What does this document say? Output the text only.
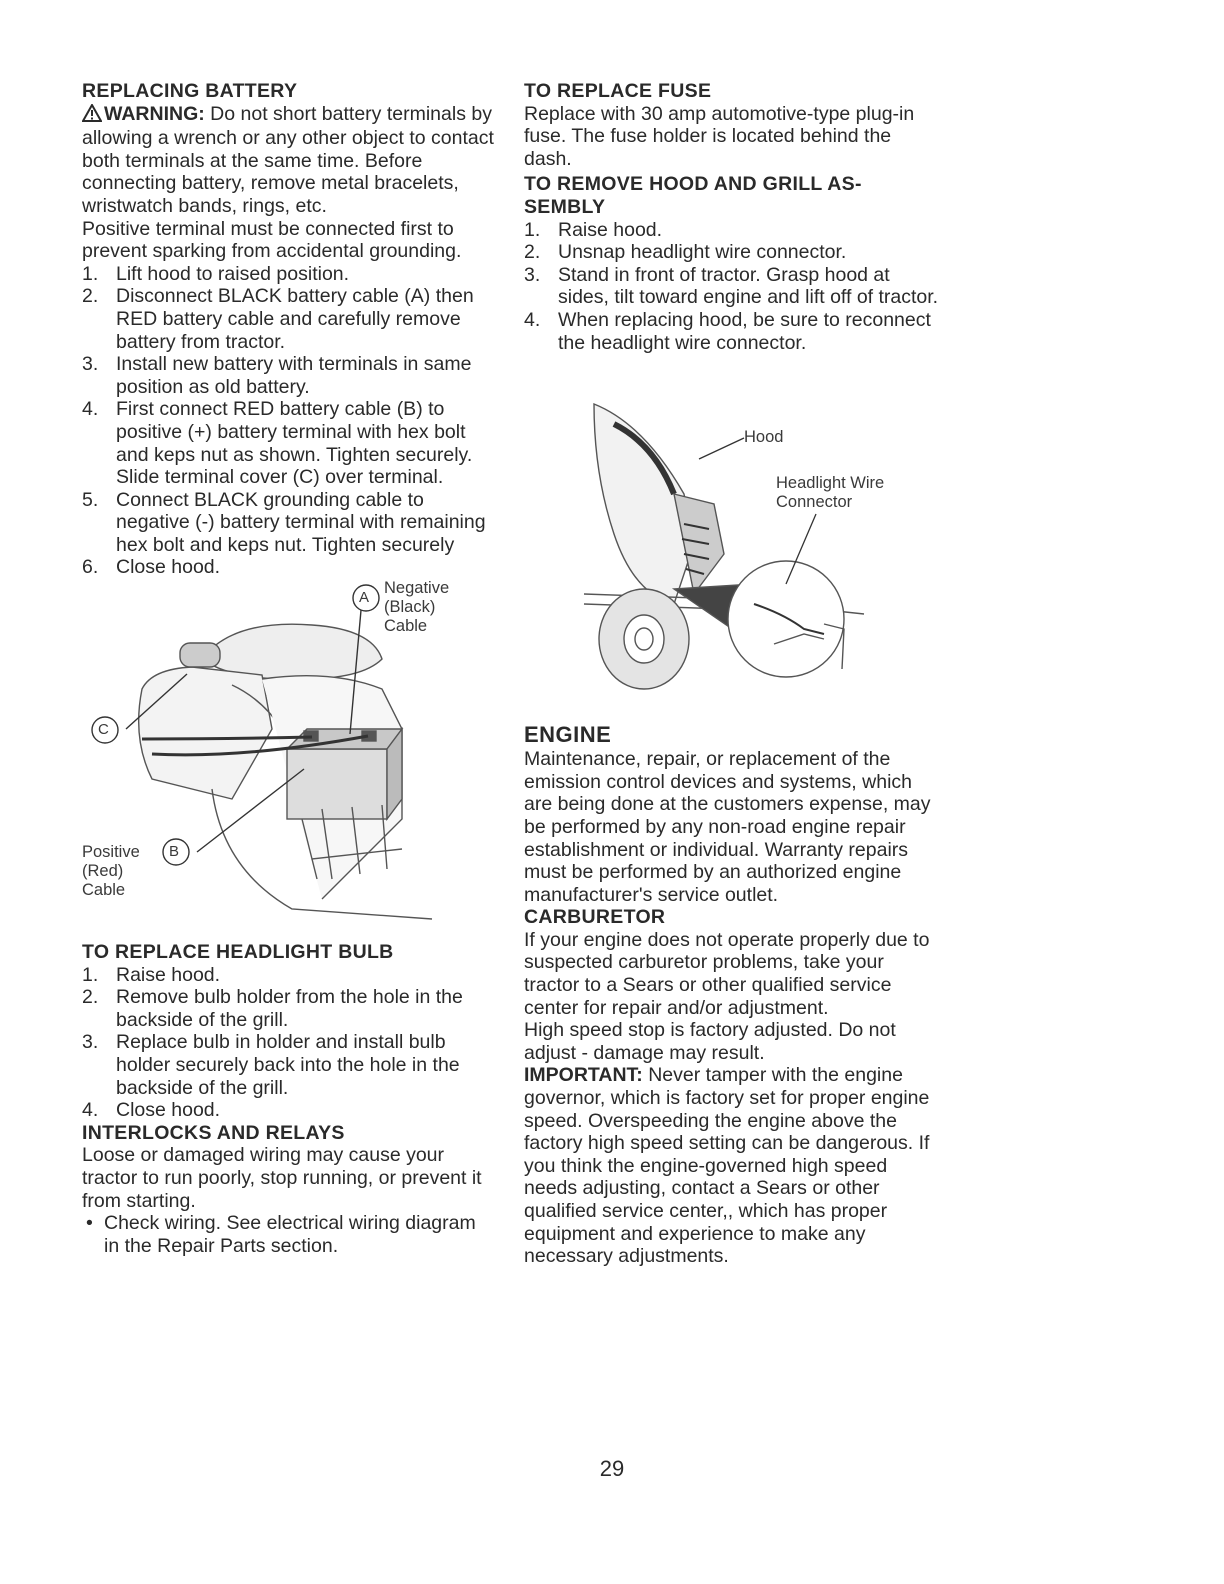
REPLACING BATTERY

WARNING: Do not short battery terminals by allowing a wrench or any other object to contact both terminals at the same time. Before connecting battery, remove metal bracelets, wristwatch bands, rings, etc.

Positive terminal must be connected first to prevent sparking from accidental grounding.

1. Lift hood to raised position.
2. Disconnect BLACK battery cable (A) then RED battery cable and carefully remove battery from tractor.
3. Install new battery with terminals in same position as old battery.
4. First connect RED battery cable (B) to positive (+) battery terminal with hex bolt and keps nut as shown. Tighten securely. Slide terminal cover (C) over terminal.
5. Connect BLACK grounding cable to negative (-) battery terminal with remaining hex bolt and keps nut. Tighten securely
6. Close hood.
A
B
C
Negative
(Black)
Cable
Positive
(Red)
Cable
TO REPLACE HEADLIGHT BULB
1. Raise hood.
2. Remove bulb holder from the hole in the backside of the grill.
3. Replace bulb in holder and install bulb holder securely back into the hole in the backside of the grill.
4. Close hood.
INTERLOCKS AND RELAYS

Loose or damaged wiring may cause your tractor to run poorly, stop running, or prevent it from starting.

• Check wiring. See electrical wiring diagram in the Repair Parts section.
TO REPLACE FUSE

Replace with 30 amp automotive-type plug-in fuse. The fuse holder is located behind the dash.

TO REMOVE HOOD AND GRILL AS-
SEMBLY
1. Raise hood.
2. Unsnap headlight wire connector.
3. Stand in front of tractor. Grasp hood at sides, tilt toward engine and lift off of tractor.
4. When replacing hood, be sure to reconnect the headlight wire connector.
Hood
Headlight Wire
Connector
ENGINE

Maintenance, repair, or replacement of the emission control devices and systems, which are being done at the customers expense, may be performed by any non-road engine repair establishment or individual. Warranty repairs must be performed by an authorized engine manufacturer's service outlet.

CARBURETOR

If your engine does not operate properly due to suspected carburetor problems, take your tractor to a Sears or other qualified service center for repair and/or adjustment.

High speed stop is factory adjusted. Do not adjust - damage may result.

IMPORTANT: Never tamper with the engine governor, which is factory set for proper engine speed. Overspeeding the engine above the factory high speed setting can be dangerous. If you think the engine-governed high speed needs adjusting, contact a Sears or other qualified service center,, which has proper equipment and experience to make any necessary adjustments.

29
